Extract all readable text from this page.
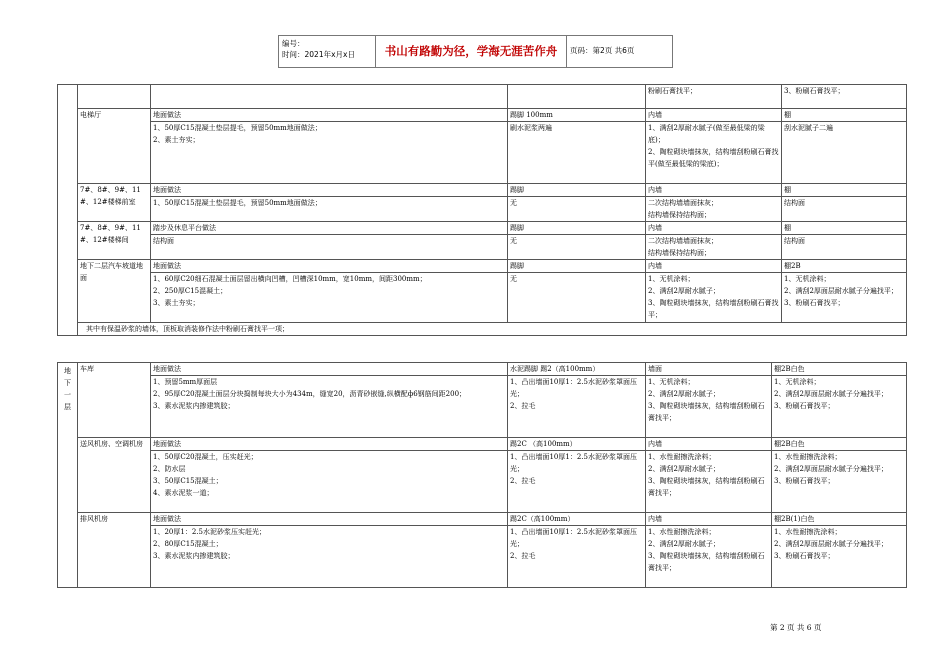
编号：
时间：2021年x月x日	书山有路勤为径，学海无涯苦作舟	页码：第2页 共6页
				粉刷石膏找平；	3、粉刷石膏找平；
	电梯厅	地面做法	踢脚 100mm	内墙	棚
		1、50厚C15混凝土垫层提毛，预留50mm地面做法；
2、素土夯实；	刷水泥浆两遍	1、满刮2厚耐水腻子(做至最低梁的梁底)；
2、陶粒砌块墙抹灰，结构墙刮粉刷石膏找平(做至最低梁的梁底)；	刮水泥腻子二遍
	7#、8#、9#、11#、12#楼梯前室	地面做法	踢脚	内墙	棚
		1、50厚C15混凝土垫层提毛，预留50mm地面做法；	无	二次结构墙墙面抹灰；
结构墙保持结构面；	结构面
	7#、8#、9#、11#、12#楼梯间	踏步及休息平台做法	踢脚	内墙	棚
		结构面	无	二次结构墙墙面抹灰；
结构墙保持结构面；	结构面
	地下二层汽车坡道地面	地面做法	踢脚	内墙	棚2B
		1、60厚C20细石混凝土面层留出横向凹槽，凹槽深10mm，宽10mm，间距300mm；
2、250厚C15混凝土；
3、素土夯实；	无	1、无机涂料；
2、满刮2厚耐水腻子；
3、陶粒砌块墙抹灰，结构墙刮粉刷石膏找平；	1、无机涂料；
2、满刮2厚面层耐水腻子分遍找平；
3、粉刷石膏找平；
	其中有保温砂浆的墙体，顶板取消装修作法中粉刷石膏找平一项；				
地下一层	车库	地面做法	水泥踢脚 踢2（高100mm）	墙面	棚2B白色
		1、预留5mm厚面层
2、95厚C20混凝土面层分块捣制每块大小为434m，缝宽20，沥青砂嵌缝,纵横配ф6钢筋间距200；
3、素水泥浆内掺建筑胶；	1、凸出墙面10厚1：2.5水泥砂浆罩面压光；
2、拉毛	1、无机涂料；
2、满刮2厚耐水腻子；
3、陶粒砌块墙抹灰，结构墙刮粉刷石膏找平；	1、无机涂料；
2、满刮2厚面层耐水腻子分遍找平；
3、粉刷石膏找平；
	送风机房、空调机房	地面做法	踢2C （高100mm）	内墙	棚2B白色
		1、50厚C20混凝土，压实赶光；
2、防水层
3、50厚C15混凝土；
4、素水泥浆一道；	1、凸出墙面10厚1：2.5水泥砂浆罩面压光；
2、拉毛	1、水性耐擦洗涂料；
2、满刮2厚耐水腻子；
3、陶粒砌块墙抹灰，结构墙刮粉刷石膏找平；	1、水性耐擦洗涂料；
2、满刮2厚面层耐水腻子分遍找平；
3、粉刷石膏找平；
	排风机房	地面做法	踢2C（高100mm）	内墙	棚2B(1)白色
		1、20厚1：2.5水泥砂浆压实赶光；
2、80厚C15混凝土；
3、素水泥浆内掺建筑胶；	1、凸出墙面10厚1：2.5水泥砂浆罩面压光；
2、拉毛	1、水性耐擦洗涂料；
2、满刮2厚耐水腻子；
3、陶粒砌块墙抹灰，结构墙刮粉刷石膏找平；	1、水性耐擦洗涂料；
2、满刮2厚面层耐水腻子分遍找平；
3、粉刷石膏找平；
第 2 页 共 6 页
